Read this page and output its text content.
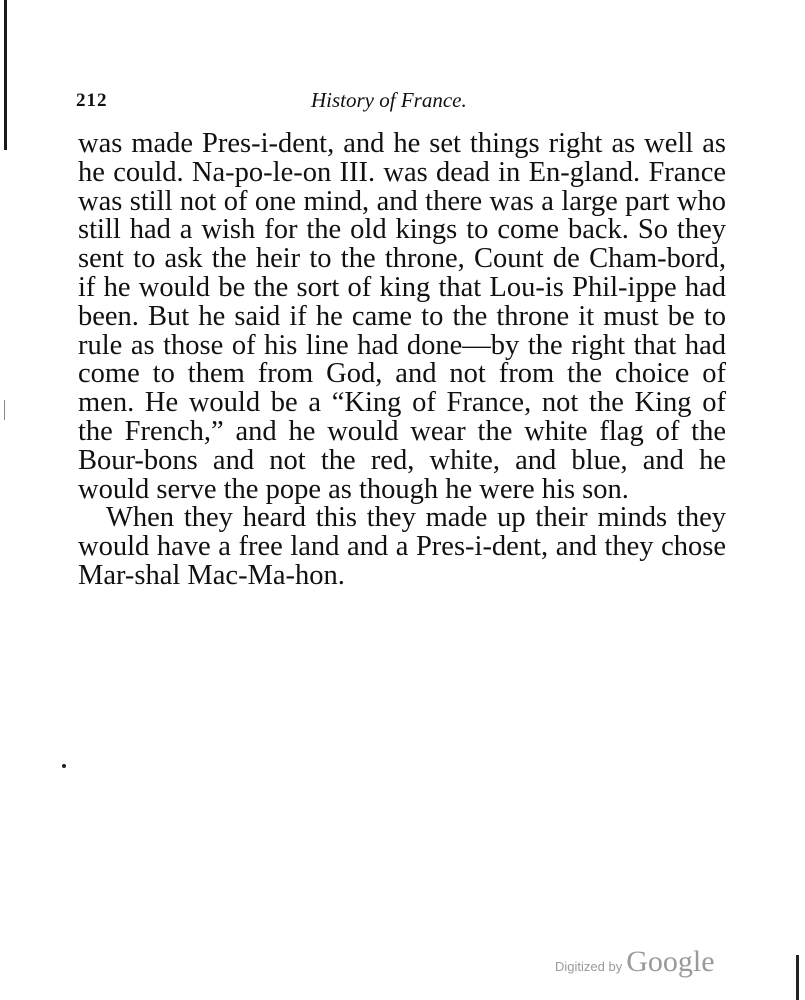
212	History of France.

was made Pres-i-dent, and he set things right as well as he could. Na-po-le-on III. was dead in En-gland. France was still not of one mind, and there was a large part who still had a wish for the old kings to come back. So they sent to ask the heir to the throne, Count de Cham-bord, if he would be the sort of king that Lou-is Phil-ippe had been. But he said if he came to the throne it must be to rule as those of his line had done—by the right that had come to them from God, and not from the choice of men. He would be a “King of France, not the King of the French,” and he would wear the white flag of the Bour-bons and not the red, white, and blue, and he would serve the pope as though he were his son.

When they heard this they made up their minds they would have a free land and a Pres-i-dent, and they chose Mar-shal Mac-Ma-hon.

Digitized by Google
